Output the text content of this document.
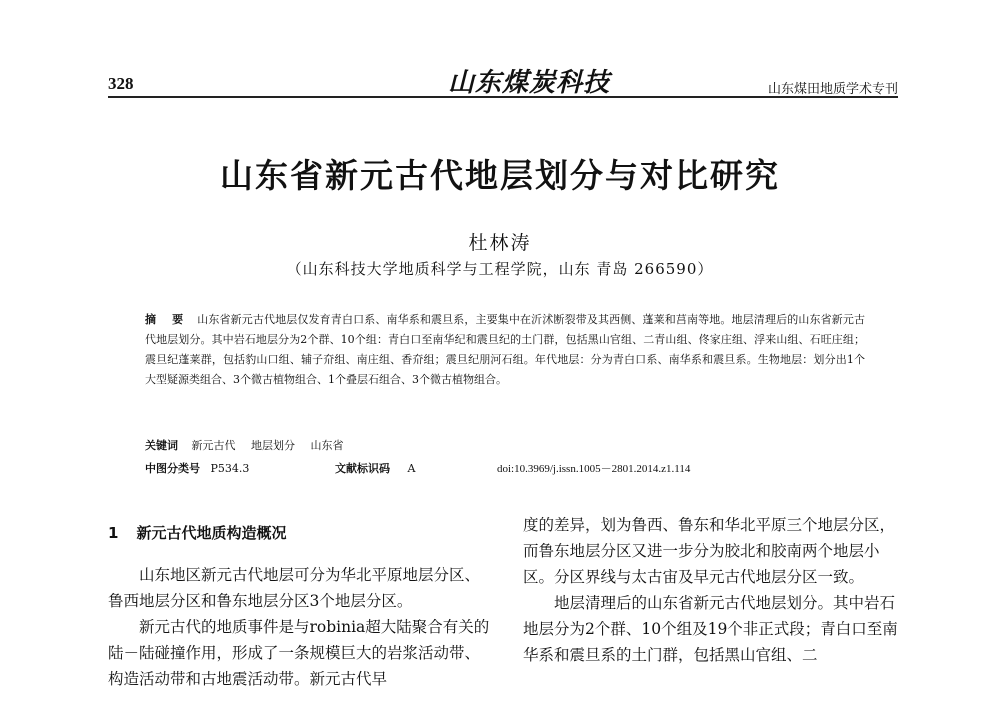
328	山东煤炭科技	山东煤田地质学术专刊
山东省新元古代地层划分与对比研究
杜林涛
（山东科技大学地质科学与工程学院，山东 青岛 266590）
摘 要 山东省新元古代地层仅发育青白口系、南华系和震旦系，主要集中在沂沭断裂带及其西侧、蓬莱和莒南等地。地层清理后的山东省新元古代地层划分。其中岩石地层分为2个群、10个组：青白口至南华纪和震旦纪的土门群，包括黑山官组、二青山组、佟家庄组、浮来山组、石旺庄组；震旦纪蓬莱群，包括豹山口组、辅子夼组、南庄组、香夼组；震旦纪朋河石组。年代地层：分为青白口系、南华系和震旦系。生物地层：划分出1个大型疑源类组合、3个微古植物组合、1个叠层石组合、3个微古植物组合。
关键词 新元古代 地层划分 山东省
中图分类号 P534.3	文献标识码 A	doi:10.3969/j.issn.1005－2801.2014.z1.114
1 新元古代地质构造概况

山东地区新元古代地层可分为华北平原地层分区、鲁西地层分区和鲁东地层分区3个地层分区。

新元古代的地质事件是与robinia超大陆聚合有关的陆－陆碰撞作用，形成了一条规模巨大的岩浆活动带、构造活动带和古地震活动带。新元古代早

度的差异，划为鲁西、鲁东和华北平原三个地层分区，而鲁东地层分区又进一步分为胶北和胶南两个地层小区。分区界线与太古宙及早元古代地层分区一致。

地层清理后的山东省新元古代地层划分。其中岩石地层分为2个群、10个组及19个非正式段；青白口至南华系和震旦系的土门群，包括黑山官组、二
